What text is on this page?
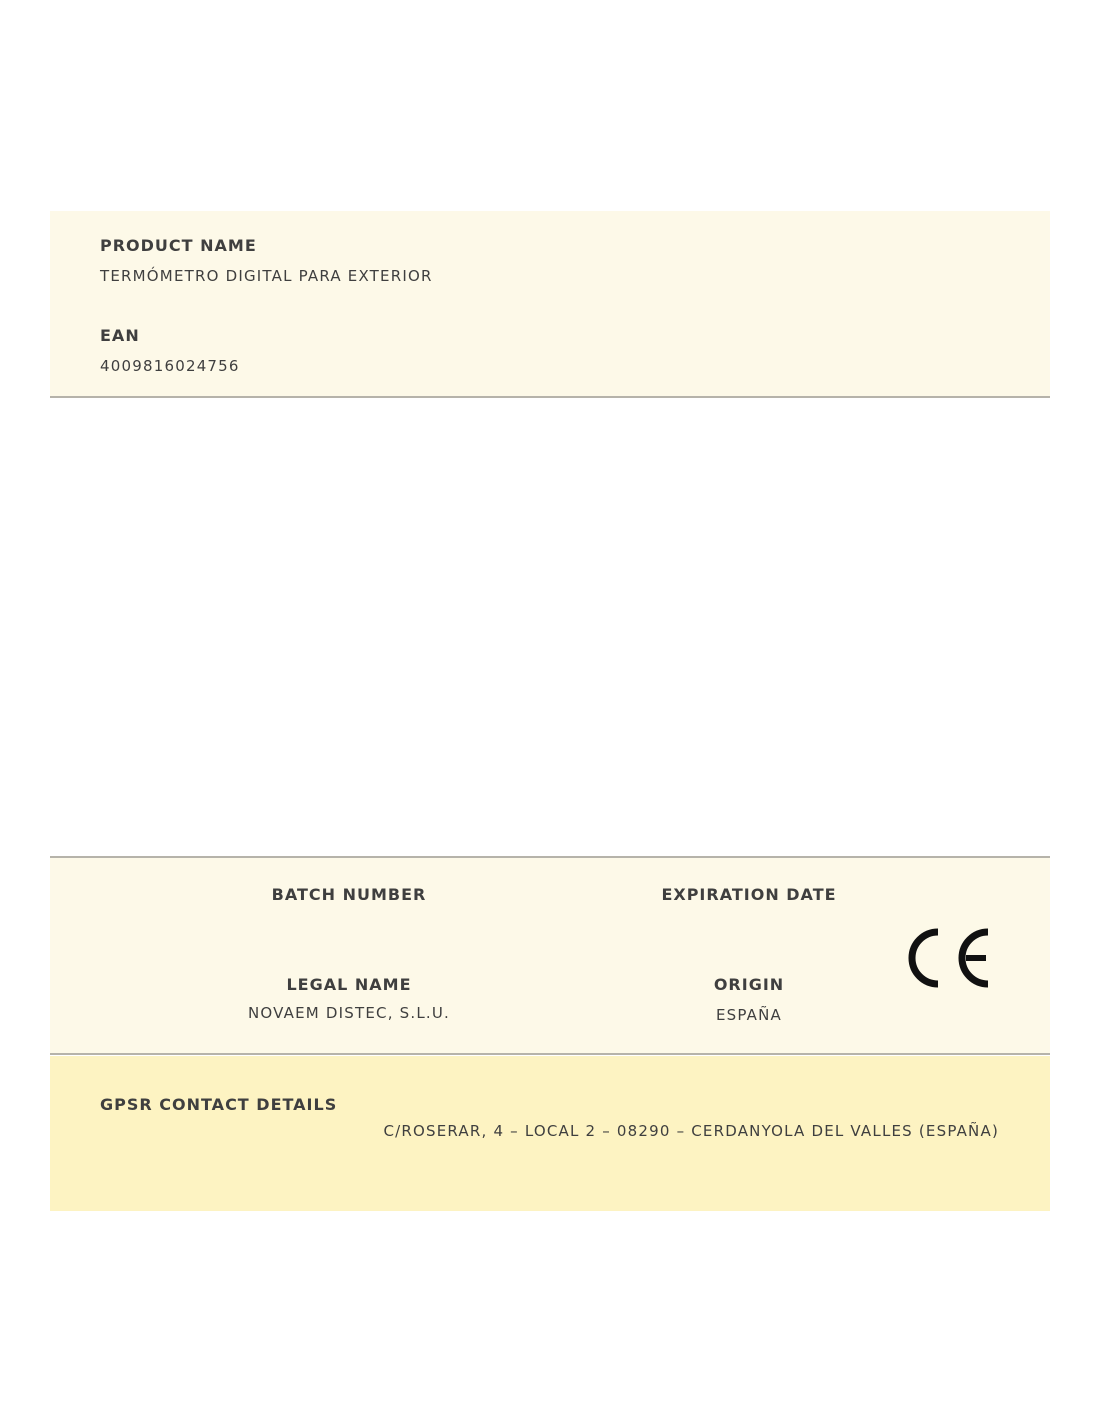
PRODUCT NAME
TERMÓMETRO DIGITAL PARA EXTERIOR
EAN
4009816024756
BATCH NUMBER	EXPIRATION DATE
LEGAL NAME
NOVAEM DISTEC, S.L.U.
ORIGIN
ESPAÑA
GPSR CONTACT DETAILS
C/ROSERAR, 4 – LOCAL 2 – 08290 – CERDANYOLA DEL VALLES (ESPAÑA)
